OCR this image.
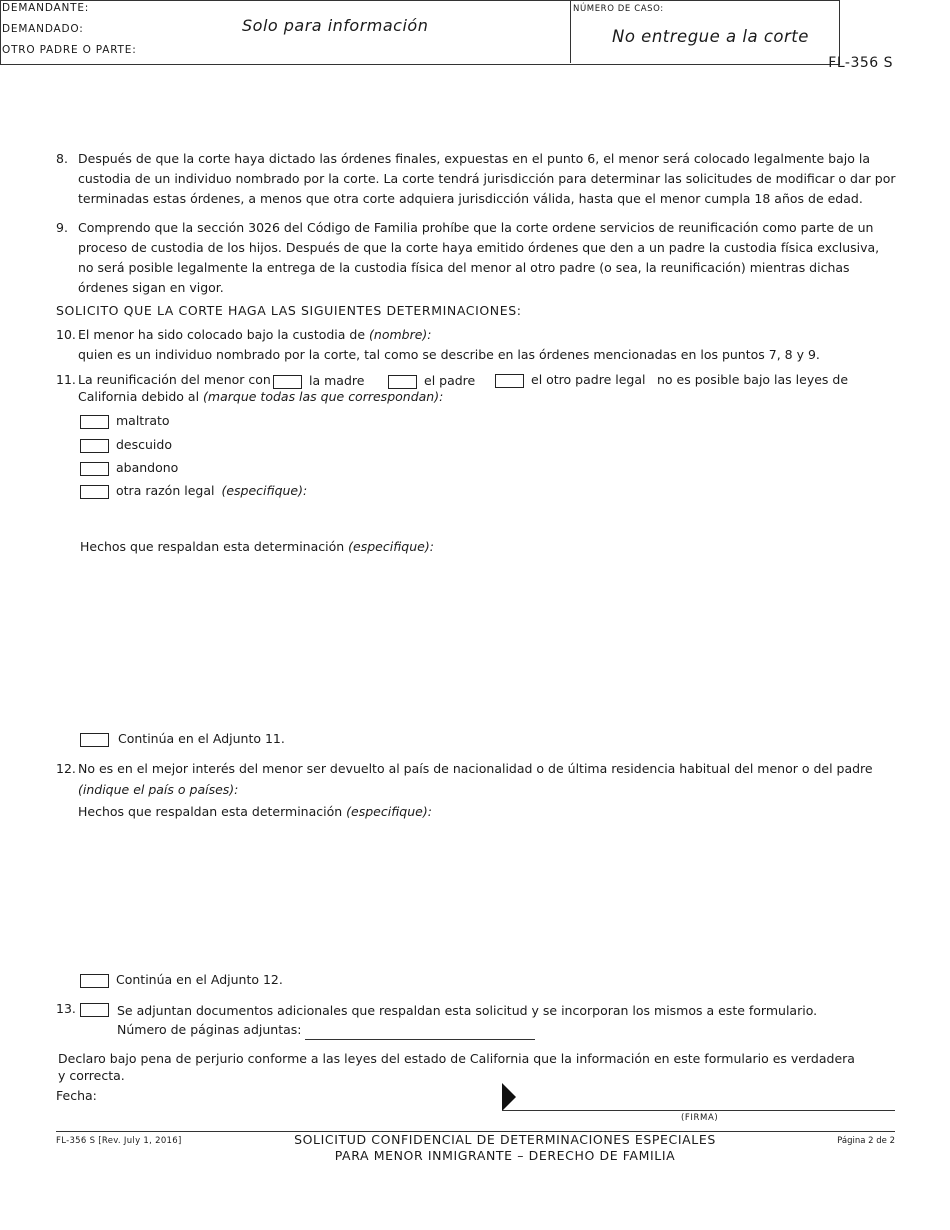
FL-356 S
DEMANDANTE:
DEMANDADO:
OTRO PADRE O PARTE:
Solo para información
NÚMERO DE CASO:
No entregue a la corte
8. Después de que la corte haya dictado las órdenes finales, expuestas en el punto 6, el menor será colocado legalmente bajo la custodia de un individuo nombrado por la corte. La corte tendrá jurisdicción para determinar las solicitudes de modificar o dar por terminadas estas órdenes, a menos que otra corte adquiera jurisdicción válida, hasta que el menor cumpla 18 años de edad.
9. Comprendo que la sección 3026 del Código de Familia prohíbe que la corte ordene servicios de reunificación como parte de un proceso de custodia de los hijos. Después de que la corte haya emitido órdenes que den a un padre la custodia física exclusiva, no será posible legalmente la entrega de la custodia física del menor al otro padre (o sea, la reunificación) mientras dichas órdenes sigan en vigor.
SOLICITO QUE LA CORTE HAGA LAS SIGUIENTES DETERMINACIONES:
10. El menor ha sido colocado bajo la custodia de (nombre):
quien es un individuo nombrado por la corte, tal como se describe en las órdenes mencionadas en los puntos 7, 8 y 9.
11. La reunificación del menor con	la madre	el padre	el otro padre legal no es posible bajo las leyes de
California debido al (marque todas las que correspondan):
maltrato
descuido
abandono
otra razón legal (especifique):
Hechos que respaldan esta determinación (especifique):
Continúa en el Adjunto 11.
12. No es en el mejor interés del menor ser devuelto al país de nacionalidad o de última residencia habitual del menor o del padre
(indique el país o países):
Hechos que respaldan esta determinación (especifique):
Continúa en el Adjunto 12.
13.	Se adjuntan documentos adicionales que respaldan esta solicitud y se incorporan los mismos a este formulario.
Número de páginas adjuntas:
Declaro bajo pena de perjurio conforme a las leyes del estado de California que la información en este formulario es verdadera
y correcta.
Fecha:
(FIRMA)
FL-356 S [Rev. July 1, 2016]	SOLICITUD CONFIDENCIAL DE DETERMINACIONES ESPECIALES
PARA MENOR INMIGRANTE – DERECHO DE FAMILIA
Página 2 de 2
